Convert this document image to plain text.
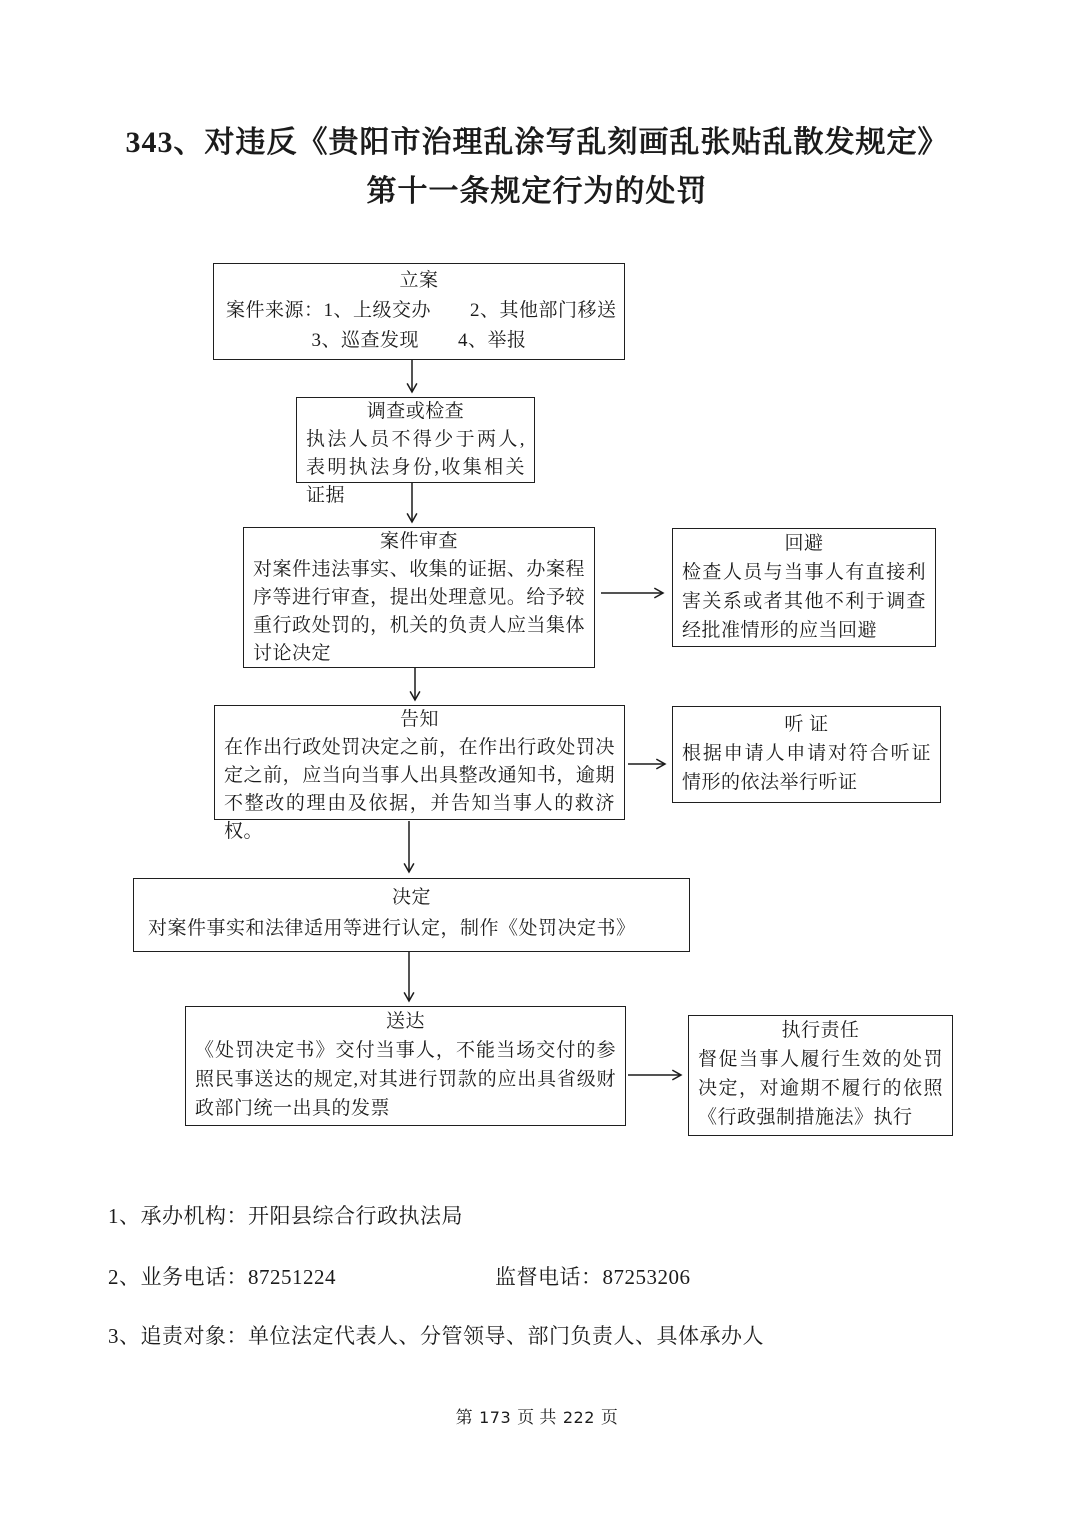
343、对违反《贵阳市治理乱涂写乱刻画乱张贴乱散发规定》
第十一条规定行为的处罚
立案
案件来源：1、上级交办　　2、其他部门移送
3、巡查发现　　4、举报
调查或检查
执法人员不得少于两人,表明执法身份,收集相关证据
案件审查
对案件违法事实、收集的证据、办案程序等进行审查，提出处理意见。给予较重行政处罚的，机关的负责人应当集体讨论决定
回避
检查人员与当事人有直接利害关系或者其他不利于调查经批准情形的应当回避
告知
在作出行政处罚决定之前，在作出行政处罚决定之前，应当向当事人出具整改通知书，逾期不整改的理由及依据，并告知当事人的救济权。
听 证
根据申请人申请对符合听证情形的依法举行听证
决定
对案件事实和法律适用等进行认定，制作《处罚决定书》
送达
《处罚决定书》交付当事人，不能当场交付的参照民事送达的规定,对其进行罚款的应出具省级财政部门统一出具的发票
执行责任
督促当事人履行生效的处罚决定，对逾期不履行的依照《行政强制措施法》执行
1、承办机构：开阳县综合行政执法局
2、业务电话：87251224	监督电话：87253206
3、追责对象：单位法定代表人、分管领导、部门负责人、具体承办人
第 173 页 共 222 页
